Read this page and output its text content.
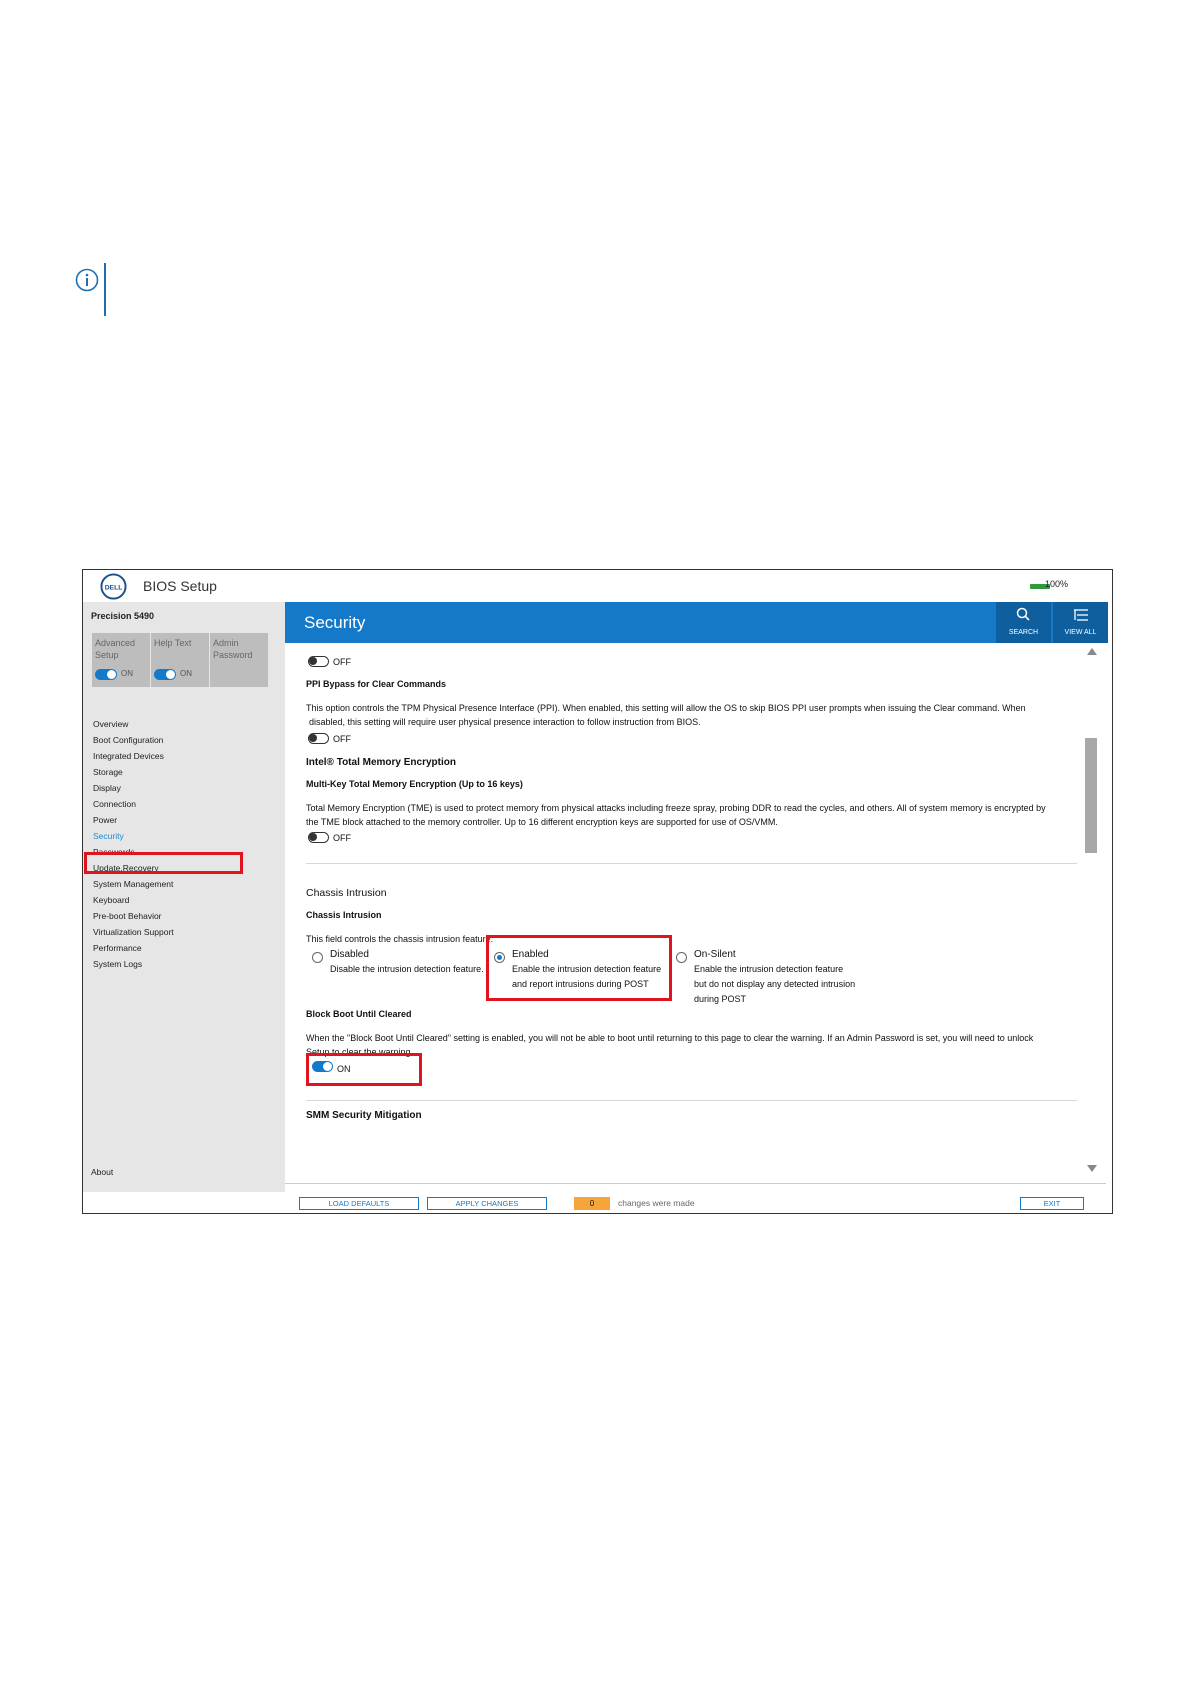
DELL BIOS Setup	100%
Precision 5490
Advanced Setup
ON
Help Text
ON
Admin Password
Overview
Boot Configuration
Integrated Devices
Storage
Display
Connection
Power
Security
Passwords
Update,Recovery
System Management
Keyboard
Pre-boot Behavior
Virtualization Support
Performance
System Logs
About
Security
SEARCH	VIEW ALL
OFF
PPI Bypass for Clear Commands
This option controls the TPM Physical Presence Interface (PPI). When enabled, this setting will allow the OS to skip BIOS PPI user prompts when issuing the Clear command. When
disabled, this setting will require user physical presence interaction to follow instruction from BIOS.
OFF
Intel® Total Memory Encryption
Multi-Key Total Memory Encryption (Up to 16 keys)
Total Memory Encryption (TME) is used to protect memory from physical attacks including freeze spray, probing DDR to read the cycles, and others. All of system memory is encrypted by
the TME block attached to the memory controller. Up to 16 different encryption keys are supported for use of OS/VMM.
OFF
Chassis Intrusion
Chassis Intrusion
This field controls the chassis intrusion feature.
Disabled
Disable the intrusion detection feature.
Enabled
Enable the intrusion detection feature
and report intrusions during POST
On-Silent
Enable the intrusion detection feature
but do not display any detected intrusion
during POST
Block Boot Until Cleared
When the "Block Boot Until Cleared" setting is enabled, you will not be able to boot until returning to this page to clear the warning. If an Admin Password is set, you will need to unlock
Setup to clear the warning.
ON
SMM Security Mitigation
LOAD DEFAULTS	APPLY CHANGES	0	changes were made	EXIT
